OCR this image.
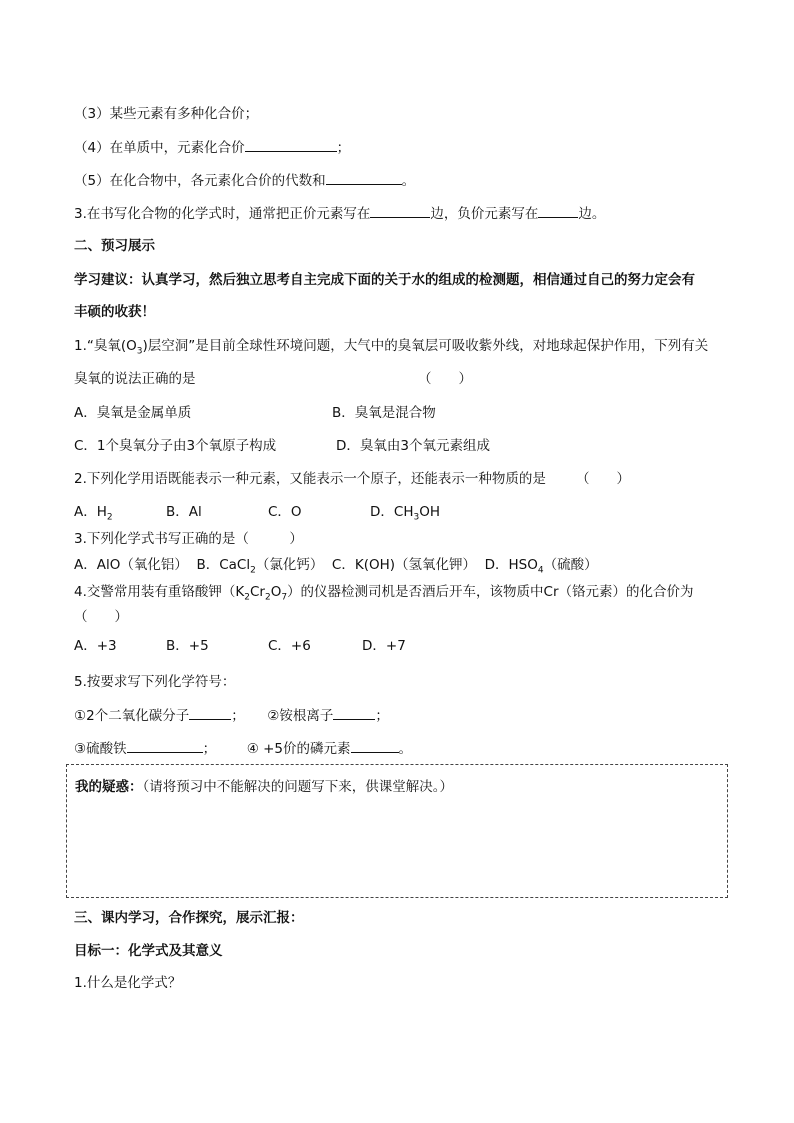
（3）某些元素有多种化合价；
（4）在单质中，元素化合价	；
（5）在化合物中，各元素化合价的代数和	。
3.在书写化合物的化学式时，通常把正价元素写在	边，负价元素写在	边。
二、预习展示
学习建议：认真学习，然后独立思考自主完成下面的关于水的组成的检测题，相信通过自己的努力定会有
丰硕的收获！
1.“臭氧$(O_3)$层空洞”是目前全球性环境问题，大气中的臭氧层可吸收紫外线，对地球起保护作用，下列有关
臭氧的说法正确的是	（　　）
A．臭氧是金属单质	B．臭氧是混合物
C．1个臭氧分子由3个氧原子构成	D．臭氧由3个氧元素组成
2.下列化学用语既能表示一种元素，又能表示一个原子，还能表示一种物质的是 （　　）
A．$H_2$	B．Al	C．O	D．$CH_3OH$
3.下列化学式书写正确的是（　　　）
A．AlO（氧化铝） B．CaCl$_2$（氯化钙） C．K(OH)（氢氧化钾） D．$HSO_4$（硫酸）
4.交警常用装有重铬酸钾$(K_2Cr_2O_7)$的仪器检测司机是否酒后开车，该物质中Cr（铬元素）的化合价为
（　　）
A．+3	B．+5	C．+6	D．+7
5.按要求写下列化学符号：
①2个二氧化碳分子	； ②铵根离子	；
③硫酸铁	； ④ +5价的磷元素	。
我的疑惑：（请将预习中不能解决的问题写下来，供课堂解决。）
三、课内学习，合作探究，展示汇报：
目标一：化学式及其意义
1.什么是化学式？
